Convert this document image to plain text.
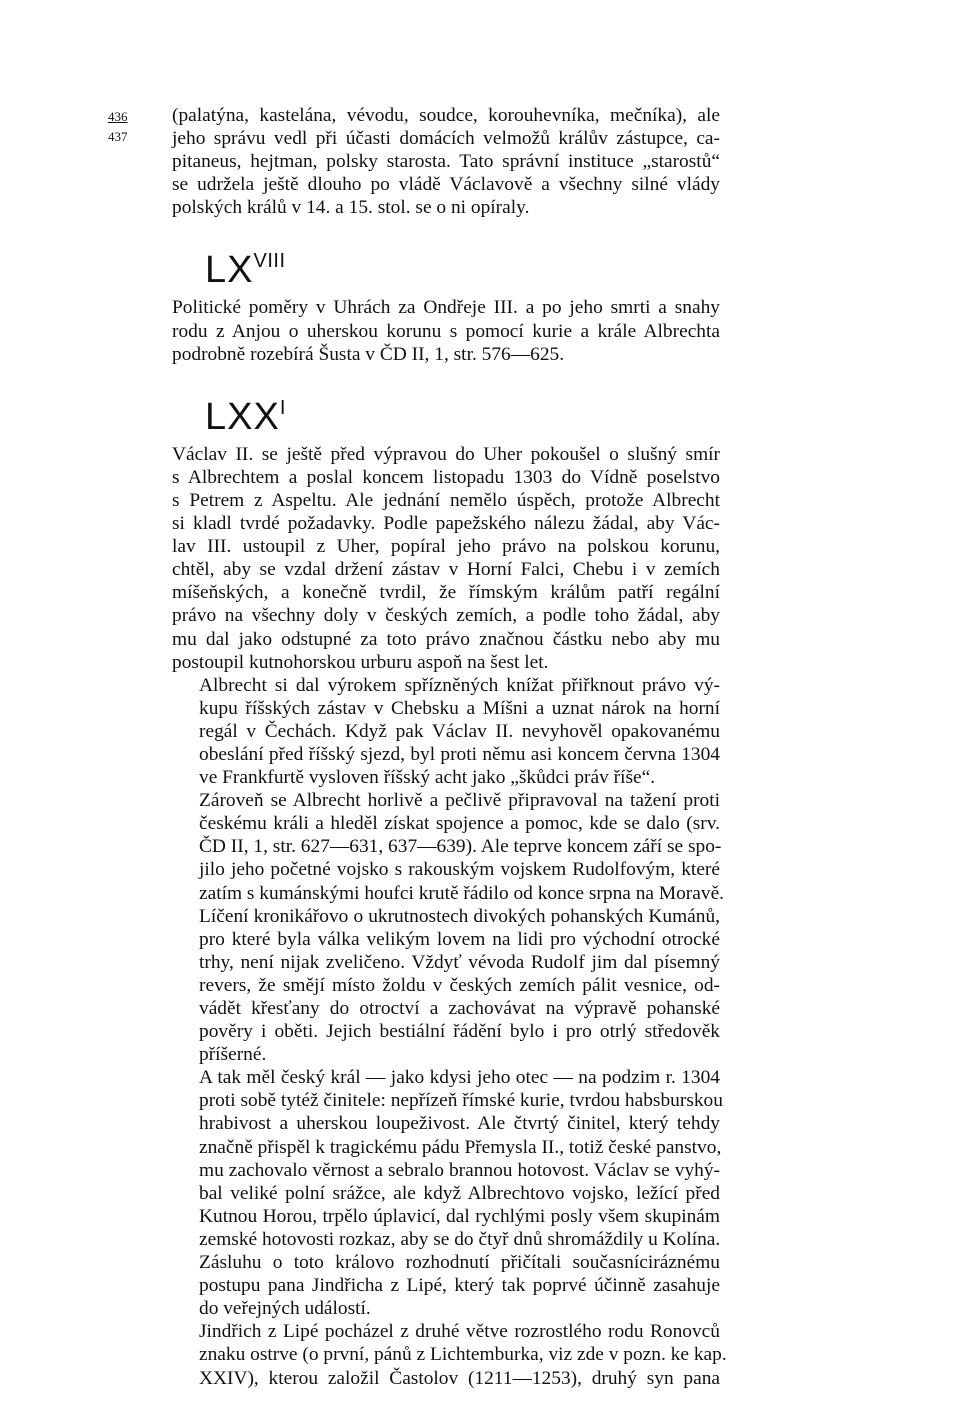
436
437

(palatýna, kastelána, vévodu, soudce, korouhevníka, mečníka), ale
jeho správu vedl při účasti domácích velmožů králův zástupce, ca-
pitaneus, hejtman, polsky starosta. Tato správní instituce „starostů“
se udržela ještě dlouho po vládě Václavově a všechny silné vlády
polských králů v 14. a 15. stol. se o ni opíraly.

$LX^{VIII}$

Politické poměry v Uhrách za Ondřeje III. a po jeho smrti a snahy
rodu z Anjou o uherskou korunu s pomocí kurie a krále Albrechta
podrobně rozebírá Šusta v ČD II, 1, str. 576—625.

$LXX^I$

Václav II. se ještě před výpravou do Uher pokoušel o slušný smír
s Albrechtem a poslal koncem listopadu 1303 do Vídně poselstvo
s Petrem z Aspeltu. Ale jednání nemělo úspěch, protože Albrecht
si kladl tvrdé požadavky. Podle papežského nálezu žádal, aby Vác-
lav III. ustoupil z Uher, popíral jeho právo na polskou korunu,
chtěl, aby se vzdal držení zástav v Horní Falci, Chebu i v zemích
míšeňských, a konečně tvrdil, že římským králům patří regální
právo na všechny doly v českých zemích, a podle toho žádal, aby
mu dal jako odstupné za toto právo značnou částku nebo aby mu
postoupil kutnohorskou urburu aspoň na šest let.

Albrecht si dal výrokem spřízněných knížat přiřknout právo vý-
kupu říšských zástav v Chebsku a Míšni a uznat nárok na horní
regál v Čechách. Když pak Václav II. nevyhověl opakovanému
obeslání před říšský sjezd, byl proti němu asi koncem června 1304
ve Frankfurtě vysloven říšský acht jako „škůdci práv říše“.

Zároveň se Albrecht horlivě a pečlivě připravoval na tažení proti
českému králi a hleděl získat spojence a pomoc, kde se dalo (srv.
ČD II, 1, str. 627—631, 637—639). Ale teprve koncem září se spo-
jilo jeho početné vojsko s rakouským vojskem Rudolfovým, které
zatím s kumánskými houfci krutě řádilo od konce srpna na Moravě.
Líčení kronikářovo o ukrutnostech divokých pohanských Kumánů,
pro které byla válka velikým lovem na lidi pro východní otrocké
trhy, není nijak zveličeno. Vždyť vévoda Rudolf jim dal písemný
revers, že smějí místo žoldu v českých zemích pálit vesnice, od-
vádět křesťany do otroctví a zachovávat na výpravě pohanské
pověry i oběti. Jejich bestiální řádění bylo i pro otrlý středověk
příšerné.

A tak měl český král — jako kdysi jeho otec — na podzim r. 1304
proti sobě tytéž činitele: nepřízeň římské kurie, tvrdou habsburskou
hrabivost a uherskou loupeživost. Ale čtvrtý činitel, který tehdy
značně přispěl k tragickému pádu Přemysla II., totiž české panstvo,
mu zachovalo věrnost a sebralo brannou hotovost. Václav se vyhý-
bal veliké polní srážce, ale když Albrechtovo vojsko, ležící před
Kutnou Horou, trpělo úplavicí, dal rychlými posly všem skupinám
zemské hotovosti rozkaz, aby se do čtyř dnů shromáždily u Kolína.
Zásluhu o toto královo rozhodnutí přičítali současníciráznému
postupu pana Jindřicha z Lipé, který tak poprvé účinně zasahuje
do veřejných událostí.

Jindřich z Lipé pocházel z druhé větve rozrostlého rodu Ronovců
znaku ostrve (o první, pánů z Lichtemburka, viz zde v pozn. ke kap.
XXIV), kterou založil Častolov (1211—1253), druhý syn pana
